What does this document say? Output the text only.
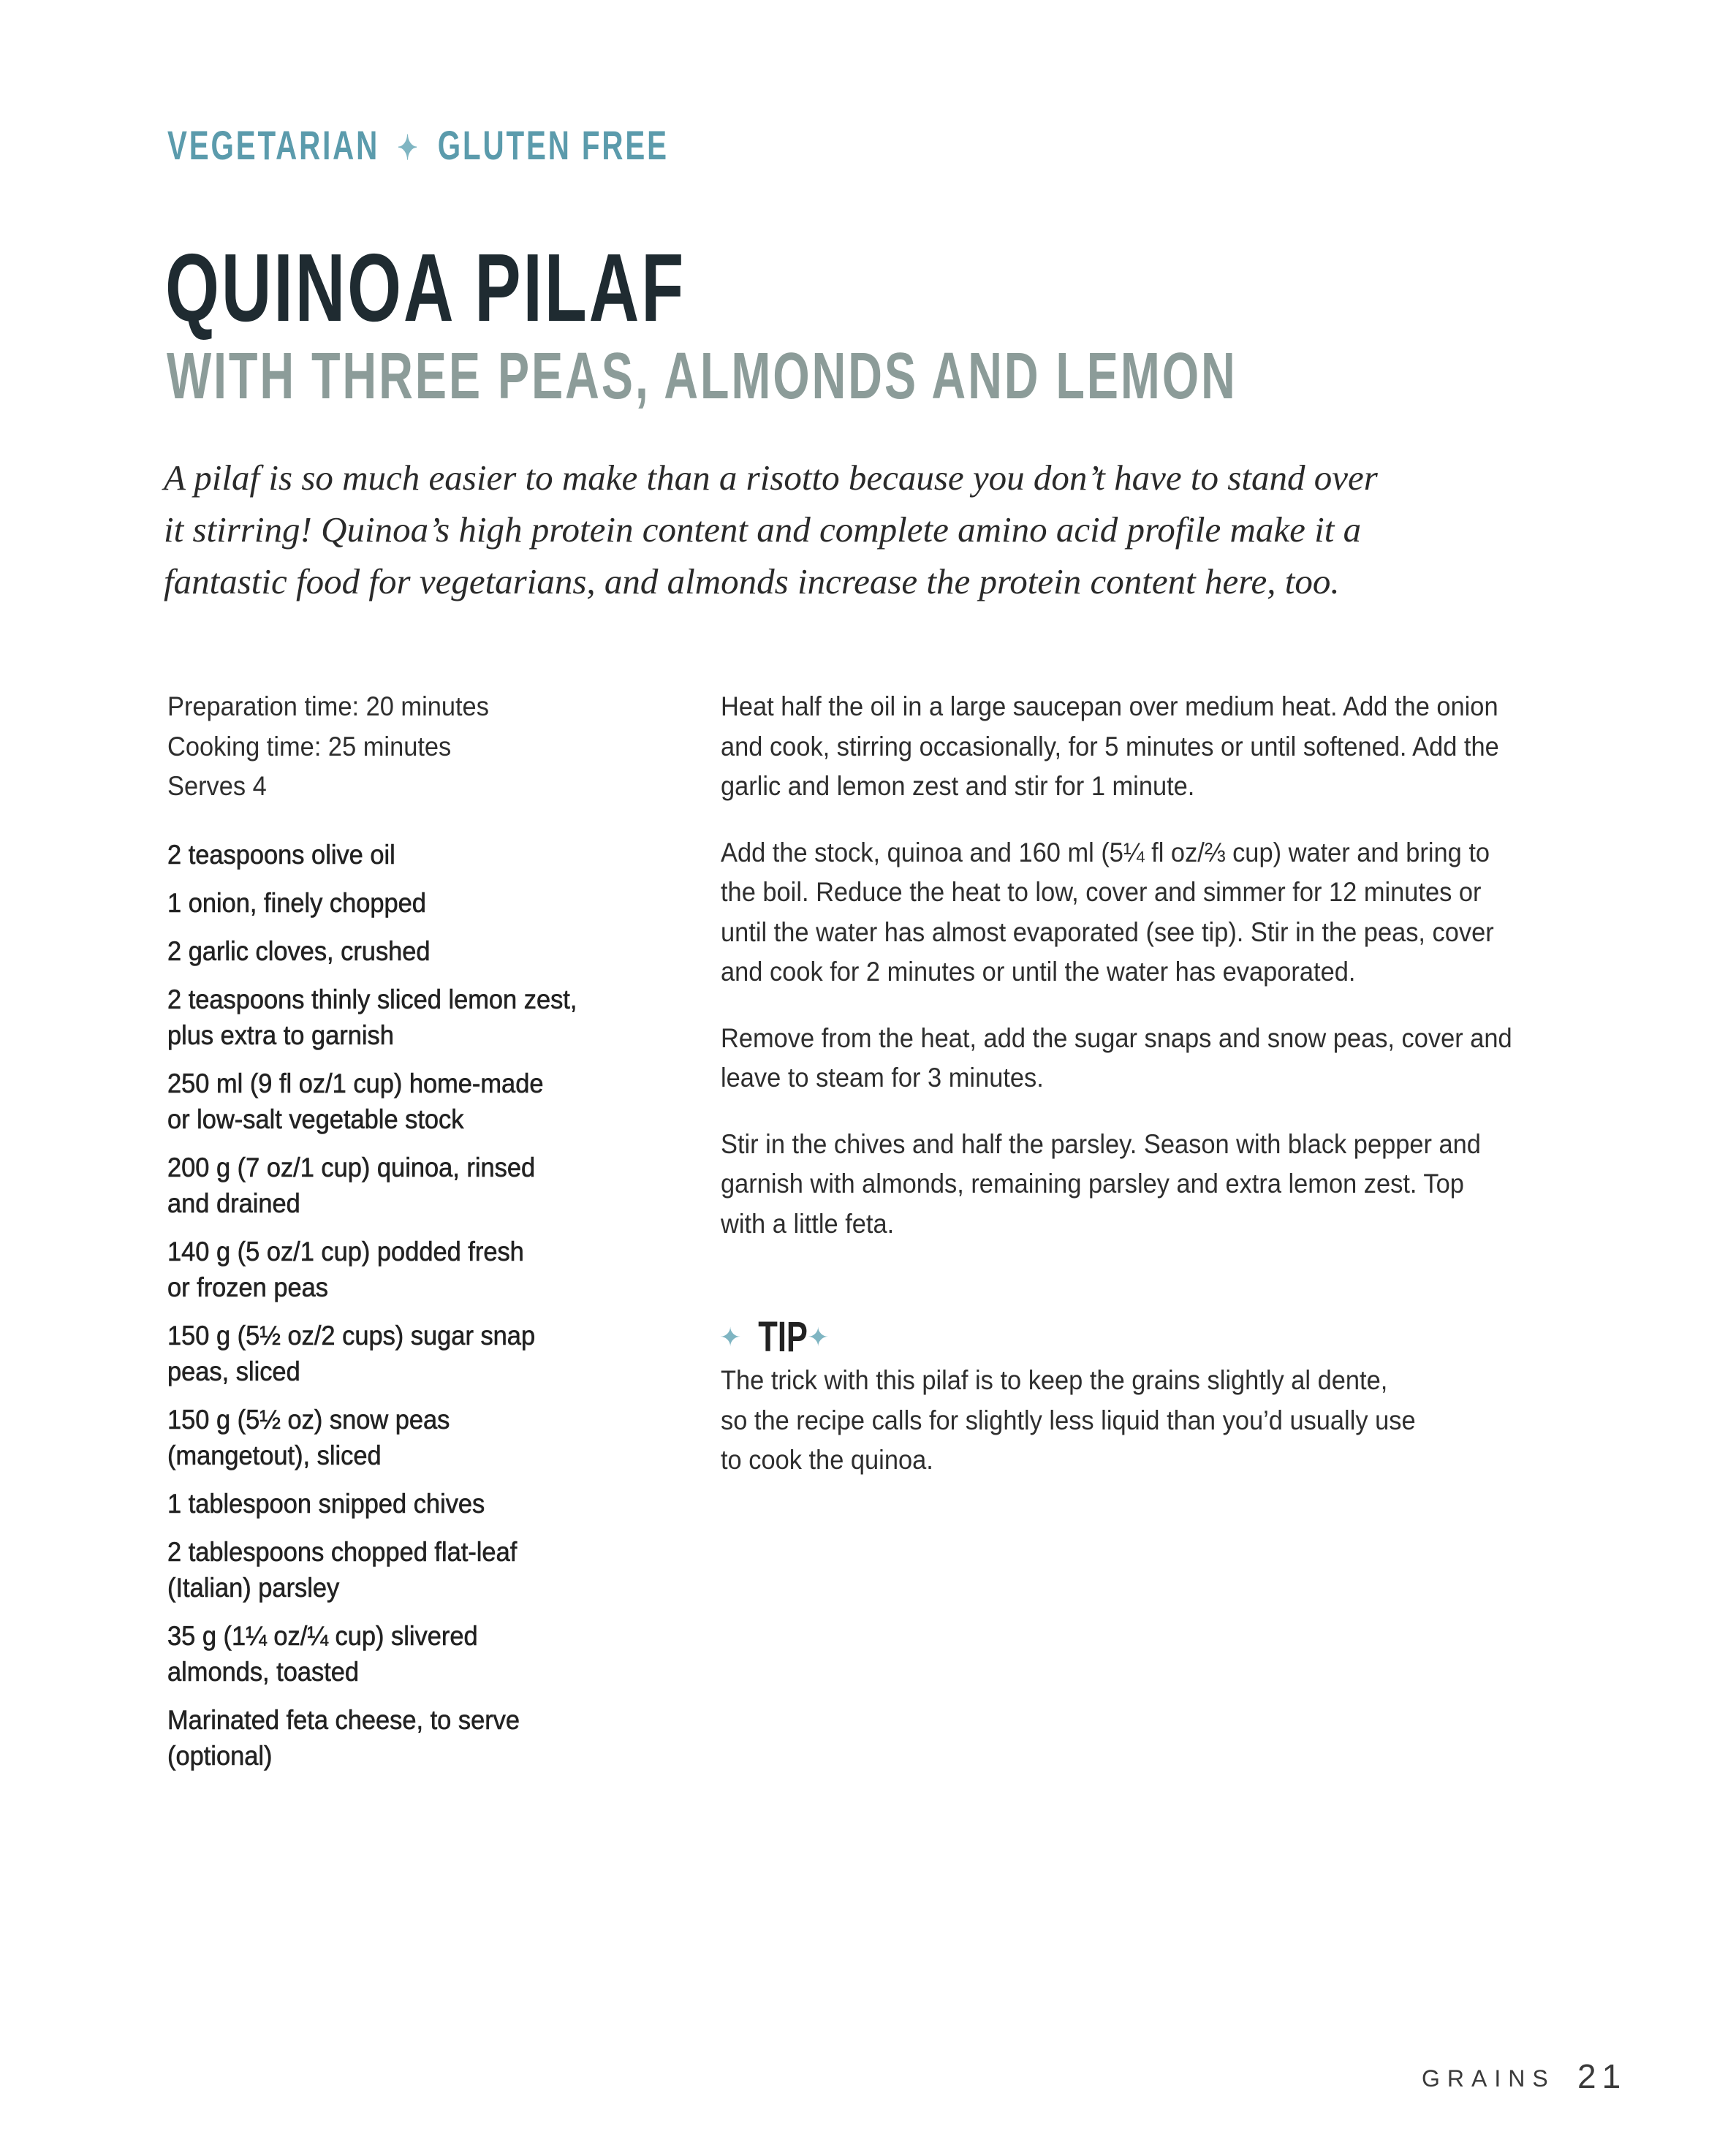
VEGETARIAN ✦ GLUTEN FREE
QUINOA PILAF
WITH THREE PEAS, ALMONDS AND LEMON
A pilaf is so much easier to make than a risotto because you don’t have to stand over
it stirring! Quinoa’s high protein content and complete amino acid profile make it a
fantastic food for vegetarians, and almonds increase the protein content here, too.
Preparation time: 20 minutes
Cooking time: 25 minutes
Serves 4
2 teaspoons olive oil
1 onion, finely chopped
2 garlic cloves, crushed
2 teaspoons thinly sliced lemon zest,
plus extra to garnish
250 ml (9 fl oz/1 cup) home-made
or low-salt vegetable stock
200 g (7 oz/1 cup) quinoa, rinsed
and drained
140 g (5 oz/1 cup) podded fresh
or frozen peas
150 g (5½ oz/2 cups) sugar snap
peas, sliced
150 g (5½ oz) snow peas
(mangetout), sliced
1 tablespoon snipped chives
2 tablespoons chopped flat-leaf
(Italian) parsley
35 g (1¼ oz/¼ cup) slivered
almonds, toasted
Marinated feta cheese, to serve
(optional)
Heat half the oil in a large saucepan over medium heat. Add the onion
and cook, stirring occasionally, for 5 minutes or until softened. Add the
garlic and lemon zest and stir for 1 minute.
Add the stock, quinoa and 160 ml (5¼ fl oz/⅔ cup) water and bring to
the boil. Reduce the heat to low, cover and simmer for 12 minutes or
until the water has almost evaporated (see tip). Stir in the peas, cover
and cook for 2 minutes or until the water has evaporated.
Remove from the heat, add the sugar snaps and snow peas, cover and
leave to steam for 3 minutes.
Stir in the chives and half the parsley. Season with black pepper and
garnish with almonds, remaining parsley and extra lemon zest. Top
with a little feta.
✦ TIP ✦
The trick with this pilaf is to keep the grains slightly al dente,
so the recipe calls for slightly less liquid than you’d usually use
to cook the quinoa.
GRAINS 21
